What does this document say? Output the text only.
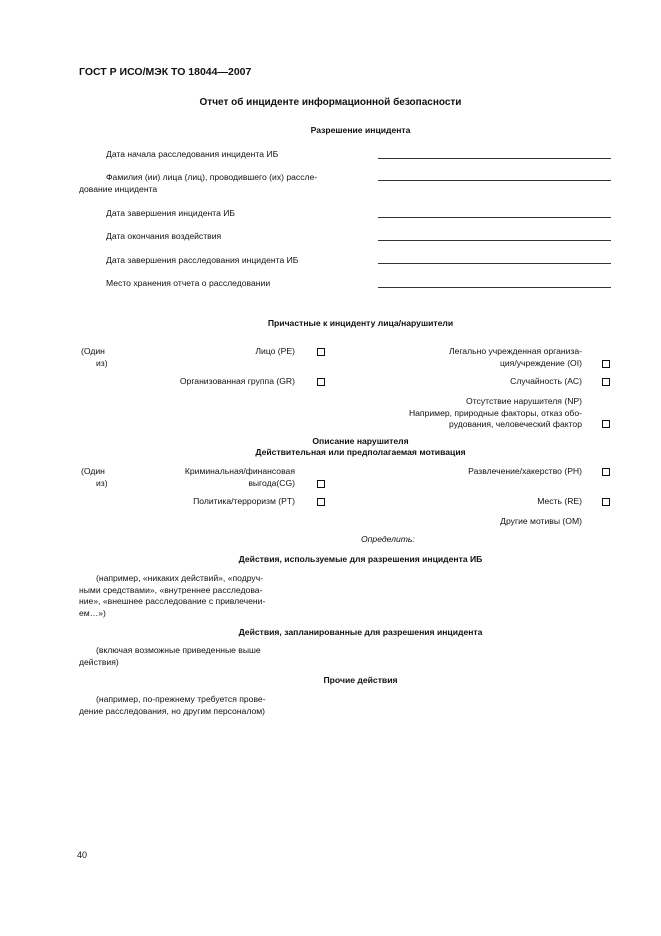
ГОСТ Р ИСО/МЭК ТО 18044—2007
Отчет об инциденте информационной безопасности
Разрешение инцидента
Дата начала расследования инцидента ИБ
Фамилия (ии) лица (лиц), проводившего (их) рассле-
дование инцидента
Дата завершения инцидента ИБ
Дата окончания воздействия
Дата завершения расследования инцидента ИБ
Место хранения отчета о расследовании
Причастные к инциденту лица/нарушители
(Один
из)
Лицо (PE)
Организованная группа (GR)
Легально учрежденная организа-
ция/учреждение (OI)
Случайность (AC)
Отсутствие нарушителя (NP)
Например, природные факторы, отказ обо-
рудования, человеческий фактор
Описание нарушителя
Действительная или предполагаемая мотивация
(Один
из)
Криминальная/финансовая
выгода(CG)
Политика/терроризм (PT)
Развлечение/хакерство (PH)
Месть (RE)
Другие мотивы (OM)
Определить:
Действия, используемые для разрешения инцидента ИБ
(например, «никаких действий», «подруч-
ными средствами», «внутреннее расследова-
ние», «внешнее расследование с привлечени-
ем…»)
Действия, запланированные для разрешения инцидента
(включая возможные приведенные выше
действия)
Прочие действия
(например, по-прежнему требуется прове-
дение расследования, но другим персоналом)
40
